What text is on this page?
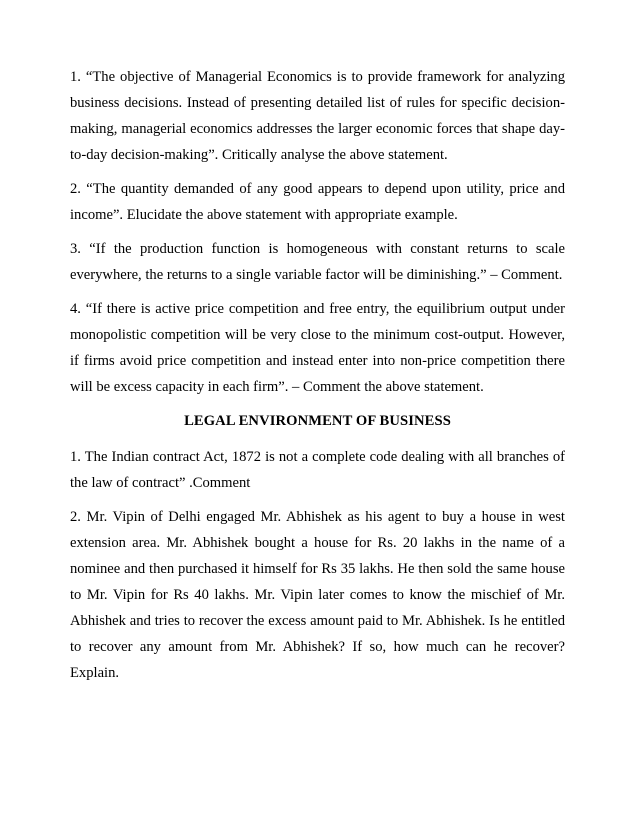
1. “The objective of Managerial Economics is to provide framework for analyzing business decisions. Instead of presenting detailed list of rules for specific decision-making, managerial economics addresses the larger economic forces that shape day-to-day decision-making”. Critically analyse the above statement.

2. “The quantity demanded of any good appears to depend upon utility, price and income”. Elucidate the above statement with appropriate example.

3. “If the production function is homogeneous with constant returns to scale everywhere, the returns to a single variable factor will be diminishing.” – Comment.

4. “If there is active price competition and free entry, the equilibrium output under monopolistic competition will be very close to the minimum cost-output. However, if firms avoid price competition and instead enter into non-price competition there will be excess capacity in each firm”. – Comment the above statement.

LEGAL ENVIRONMENT OF BUSINESS

1. The Indian contract Act, 1872 is not a complete code dealing with all branches of the law of contract” .Comment

2. Mr. Vipin of Delhi engaged Mr. Abhishek as his agent to buy a house in west extension area. Mr. Abhishek bought a house for Rs. 20 lakhs in the name of a nominee and then purchased it himself for Rs 35 lakhs. He then sold the same house to Mr. Vipin for Rs 40 lakhs. Mr. Vipin later comes to know the mischief of Mr. Abhishek and tries to recover the excess amount paid to Mr. Abhishek. Is he entitled to recover any amount from Mr. Abhishek? If so, how much can he recover? Explain.
